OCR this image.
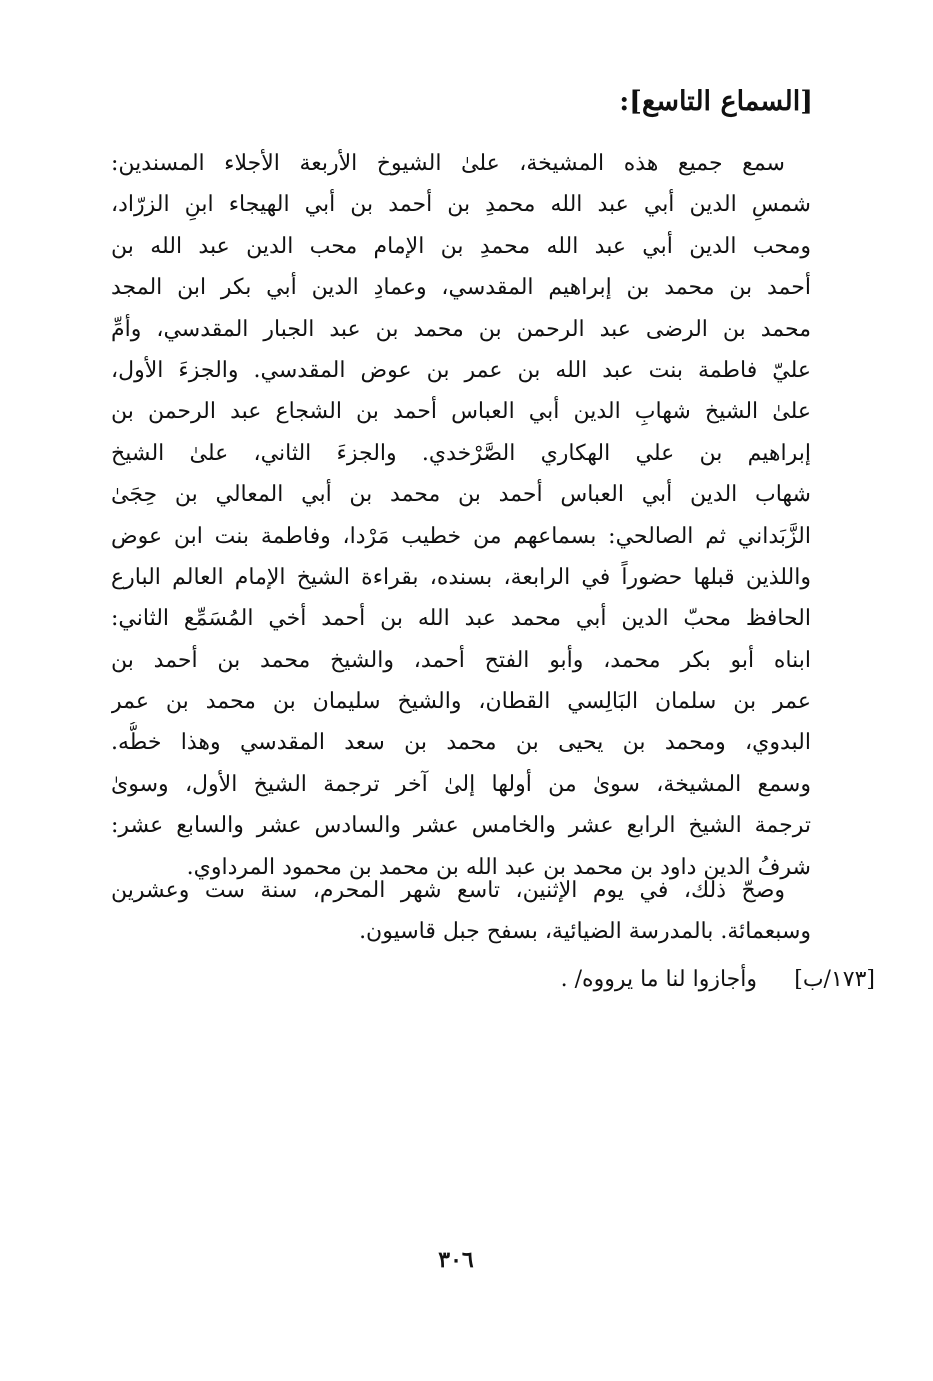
[السماع التاسع]:
سمع جميع هذه المشيخة، علىٰ الشيوخ الأربعة الأجلاء المسندين:
شمسِ الدين أبي عبد الله محمدِ بن أحمد بن أبي الهيجاء ابنِ الزرّاد،
ومحب الدين أبي عبد الله محمدِ بن الإمام محب الدين عبد الله بن
أحمد بن محمد بن إبراهيم المقدسي، وعمادِ الدين أبي بكر ابن المجد
محمد بن الرضى عبد الرحمن بن محمد بن عبد الجبار المقدسي، وأمِّ
عليّ فاطمة بنت عبد الله بن عمر بن عوض المقدسي. والجزءَ الأول،
علىٰ الشيخ شهابِ الدين أبي العباس أحمد بن الشجاع عبد الرحمن بن
إبراهيم بن علي الهكاري الصَّرْخدي. والجزءَ الثاني، علىٰ الشيخ
شهاب الدين أبي العباس أحمد بن محمد بن أبي المعالي بن حِجَىٰ
الزَّبَداني ثم الصالحي: بسماعهم من خطيب مَرْدا، وفاطمة بنت ابن عوض
واللذين قبلها حضوراً في الرابعة، بسنده، بقراءة الشيخ الإمام العالم البارع
الحافظ محبّ الدين أبي محمد عبد الله بن أحمد أخي المُسَمِّع الثاني:
ابناه أبو بكر محمد، وأبو الفتح أحمد، والشيخ محمد بن أحمد بن
عمر بن سلمان البَالِسي القطان، والشيخ سليمان بن محمد بن عمر
البدوي، ومحمد بن يحيى بن محمد بن سعد المقدسي وهذا خطُّه.
وسمع المشيخة، سوىٰ من أولها إلىٰ آخر ترجمة الشيخ الأول، وسوىٰ
ترجمة الشيخ الرابع عشر والخامس عشر والسادس عشر والسابع عشر:
شرفُ الدين داود بن محمد بن عبد الله بن محمد بن محمود المرداوي.
وصحّ ذلك، في يوم الإثنين، تاسع شهر المحرم، سنة ست وعشرين
وسبعمائة. بالمدرسة الضيائية، بسفح جبل قاسيون.
[١٧٣/ب]
وأجازوا لنا ما يرووه/ .
٣٠٦
